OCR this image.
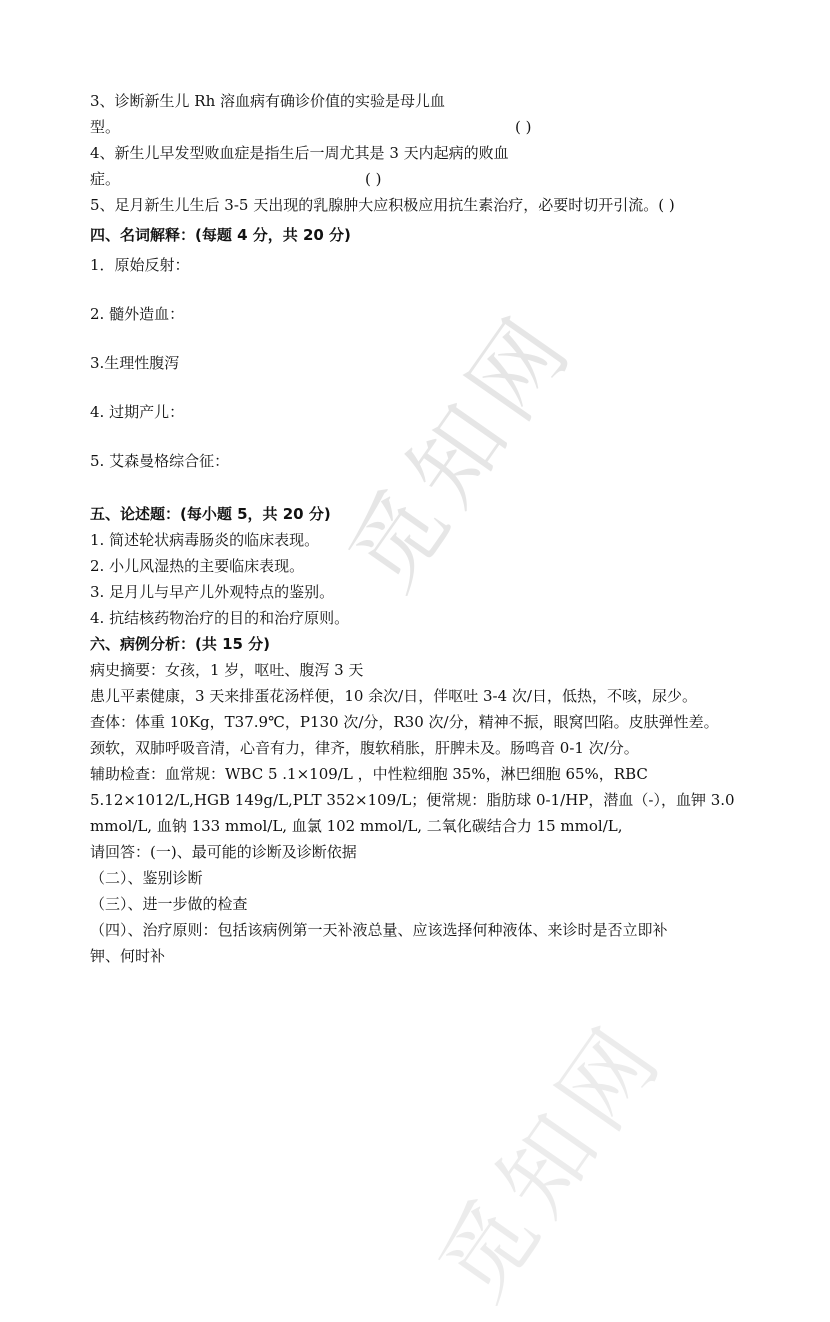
觅知网
觅知网
3、诊断新生儿 Rh 溶血病有确诊价值的实验是母儿血
型。	( )
4、新生儿早发型败血症是指生后一周尤其是 3 天内起病的败血
症。	( )
5、足月新生儿生后 3-5 天出现的乳腺肿大应积极应用抗生素治疗，必要时切开引流。( )
四、名词解释：(每题 4 分，共 20 分)
1．原始反射：
2. 髓外造血：
3.生理性腹泻
4. 过期产儿：
5. 艾森曼格综合征：
五、论述题：(每小题 5，共 20 分)
1. 简述轮状病毒肠炎的临床表现。
2. 小儿风湿热的主要临床表现。
3. 足月儿与早产儿外观特点的鉴别。
4. 抗结核药物治疗的目的和治疗原则。
六、病例分析：(共 15 分)
病史摘要：女孩，1 岁，呕吐、腹泻 3 天
患儿平素健康，3 天来排蛋花汤样便，10 余次/日，伴呕吐 3-4 次/日，低热，不咳，尿少。
查体：体重 10Kg，T37.9℃，P130 次/分，R30 次/分，精神不振，眼窝凹陷。皮肤弹性差。
颈软，双肺呼吸音清，心音有力，律齐，腹软稍胀，肝脾未及。肠鸣音 0-1 次/分。
辅助检查：血常规：WBC 5 .1×109/L ，中性粒细胞 35%，淋巴细胞 65%，RBC
5.12×1012/L,HGB 149g/L,PLT 352×109/L；便常规：脂肪球 0-1/HP，潜血（-），血钾 3.0
mmol/L, 血钠 133 mmol/L, 血氯 102 mmol/L, 二氧化碳结合力 15 mmol/L,
请回答：(一)、最可能的诊断及诊断依据
（二）、鉴别诊断
（三）、进一步做的检查
（四）、治疗原则：包括该病例第一天补液总量、应该选择何种液体、来诊时是否立即补
钾、何时补
